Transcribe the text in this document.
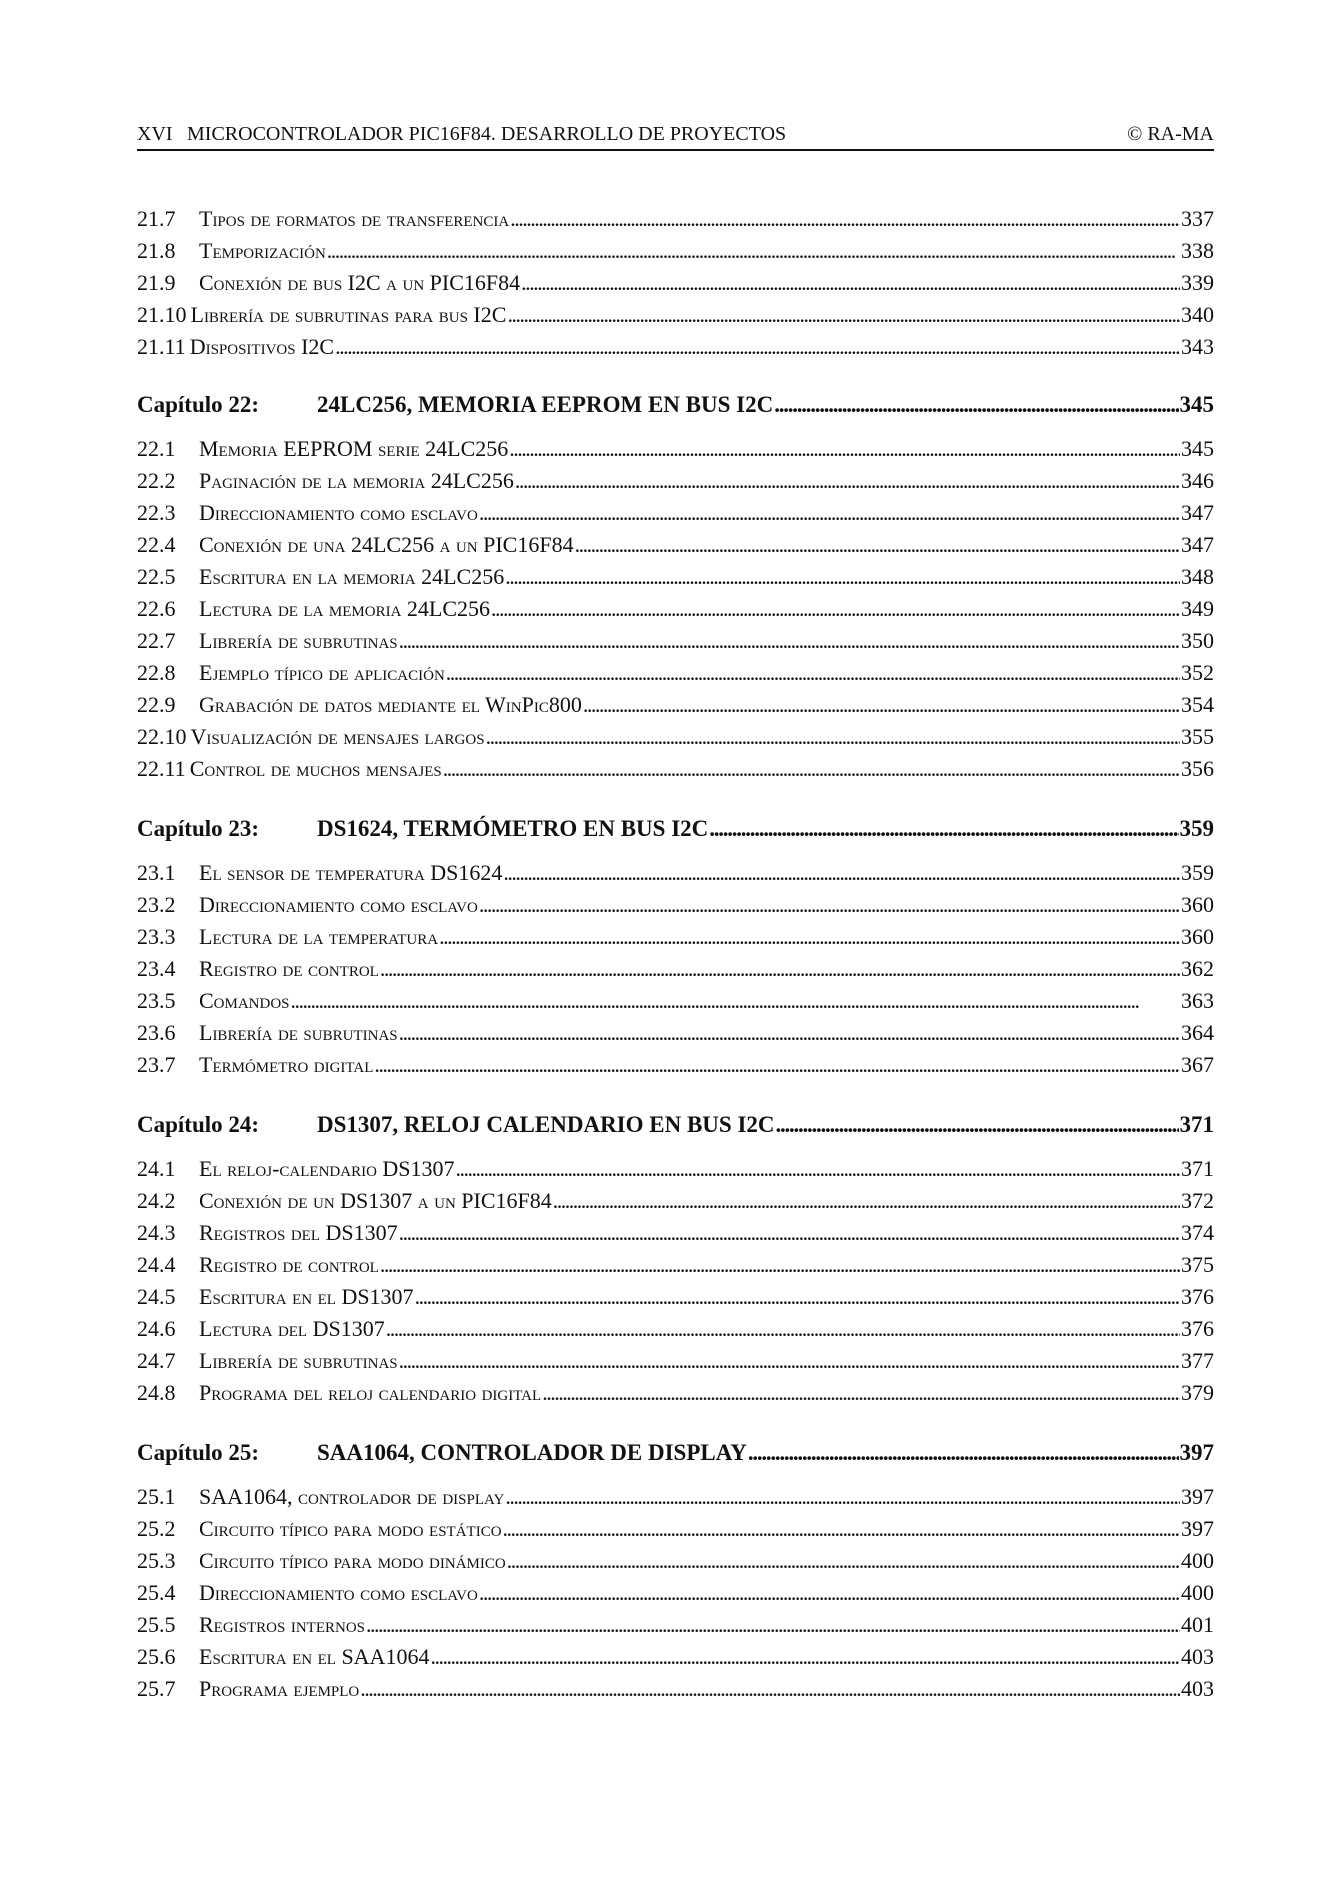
XVI MICROCONTROLADOR PIC16F84. DESARROLLO DE PROYECTOS	© RA-MA
21.7	Tipos de formatos de transferencia . . .	337
21.8	Temporización . . .	338
21.9	Conexión de bus I2C a un PIC16F84 . . .	339
21.10 Librería de subrutinas para bus I2C . . .	340
21.11 Dispositivos I2C . . .	343
Capítulo 22:	24LC256, MEMORIA EEPROM EN BUS I2C . . .	345
22.1	Memoria EEPROM serie 24LC256 . . .	345
22.2	Paginación de la memoria 24LC256 . . .	346
22.3	Direccionamiento como esclavo . . .	347
22.4	Conexión de una 24LC256 a un PIC16F84 . . .	347
22.5	Escritura en la memoria 24LC256 . . .	348
22.6	Lectura de la memoria 24LC256 . . .	349
22.7	Librería de subrutinas . . .	350
22.8	Ejemplo típico de aplicación . . .	352
22.9	Grabación de datos mediante el WinPic800 . . .	354
22.10 Visualización de mensajes largos . . .	355
22.11 Control de muchos mensajes . . .	356
Capítulo 23:	DS1624, TERMÓMETRO EN BUS I2C . . .	359
23.1	El sensor de temperatura DS1624 . . .	359
23.2	Direccionamiento como esclavo . . .	360
23.3	Lectura de la temperatura . . .	360
23.4	Registro de control . . .	362
23.5	Comandos . . .	363
23.6	Librería de subrutinas . . .	364
23.7	Termómetro digital . . .	367
Capítulo 24:	DS1307, RELOJ CALENDARIO EN BUS I2C . . .	371
24.1	El reloj-calendario DS1307 . . .	371
24.2	Conexión de un DS1307 a un PIC16F84 . . .	372
24.3	Registros del DS1307 . . .	374
24.4	Registro de control . . .	375
24.5	Escritura en el DS1307 . . .	376
24.6	Lectura del DS1307 . . .	376
24.7	Librería de subrutinas . . .	377
24.8	Programa del reloj calendario digital . . .	379
Capítulo 25:	SAA1064, CONTROLADOR DE DISPLAY . . .	397
25.1	SAA1064, controlador de display . . .	397
25.2	Circuito típico para modo estático . . .	397
25.3	Circuito típico para modo dinámico . . .	400
25.4	Direccionamiento como esclavo . . .	400
25.5	Registros internos . . .	401
25.6	Escritura en el SAA1064 . . .	403
25.7	Programa ejemplo . . .	403
